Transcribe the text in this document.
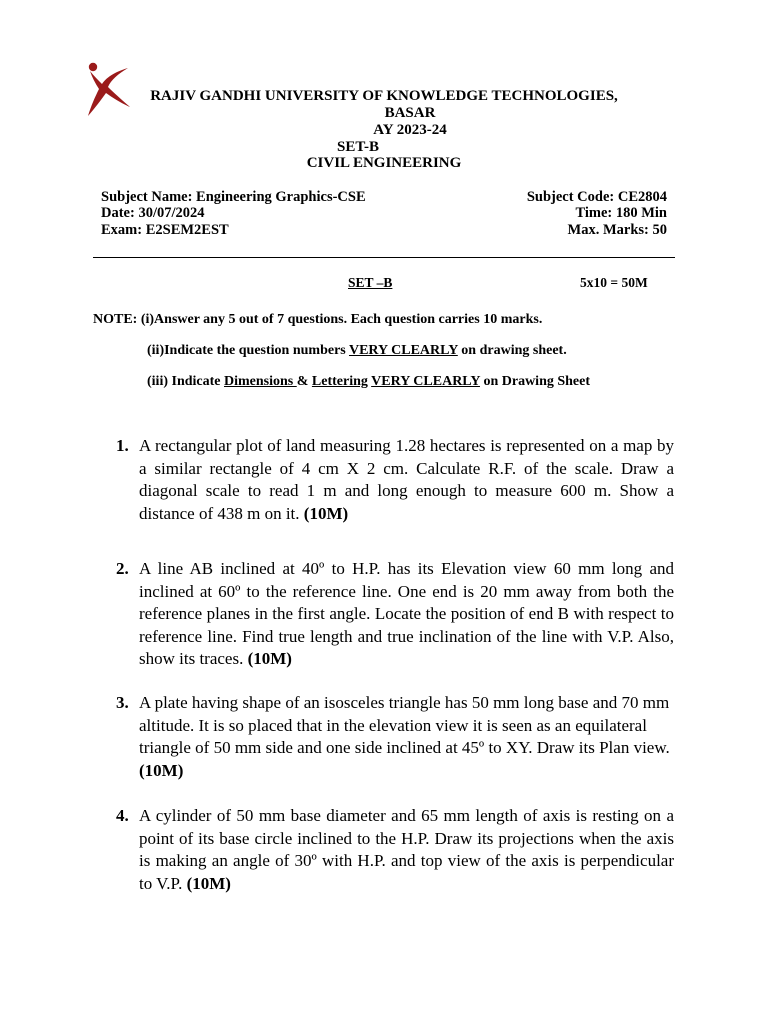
RAJIV GANDHI UNIVERSITY OF KNOWLEDGE TECHNOLOGIES,
BASAR
AY 2023-24
SET-B
CIVIL ENGINEERING
Subject Name: Engineering Graphics-CSE	Subject Code: CE2804
Date: 30/07/2024	Time: 180 Min
Exam: E2SEM2EST	Max. Marks: 50
SET –B	5x10 = 50M
NOTE: (i)Answer any 5 out of 7 questions. Each question carries 10 marks.
(ii)Indicate the question numbers VERY CLEARLY on drawing sheet.
(iii) Indicate Dimensions & Lettering VERY CLEARLY on Drawing Sheet
1. A rectangular plot of land measuring 1.28 hectares is represented on a map by a similar rectangle of 4 cm X 2 cm. Calculate R.F. of the scale. Draw a diagonal scale to read 1 m and long enough to measure 600 m. Show a distance of 438 m on it. (10M)
2. A line AB inclined at 40º to H.P. has its Elevation view 60 mm long and inclined at 60º to the reference line. One end is 20 mm away from both the reference planes in the first angle. Locate the position of end B with respect to reference line. Find true length and true inclination of the line with V.P. Also, show its traces. (10M)
3. A plate having shape of an isosceles triangle has 50 mm long base and 70 mm altitude. It is so placed that in the elevation view it is seen as an equilateral triangle of 50 mm side and one side inclined at 45º to XY. Draw its Plan view. (10M)
4. A cylinder of 50 mm base diameter and 65 mm length of axis is resting on a point of its base circle inclined to the H.P. Draw its projections when the axis is making an angle of 30º with H.P. and top view of the axis is perpendicular to V.P. (10M)
